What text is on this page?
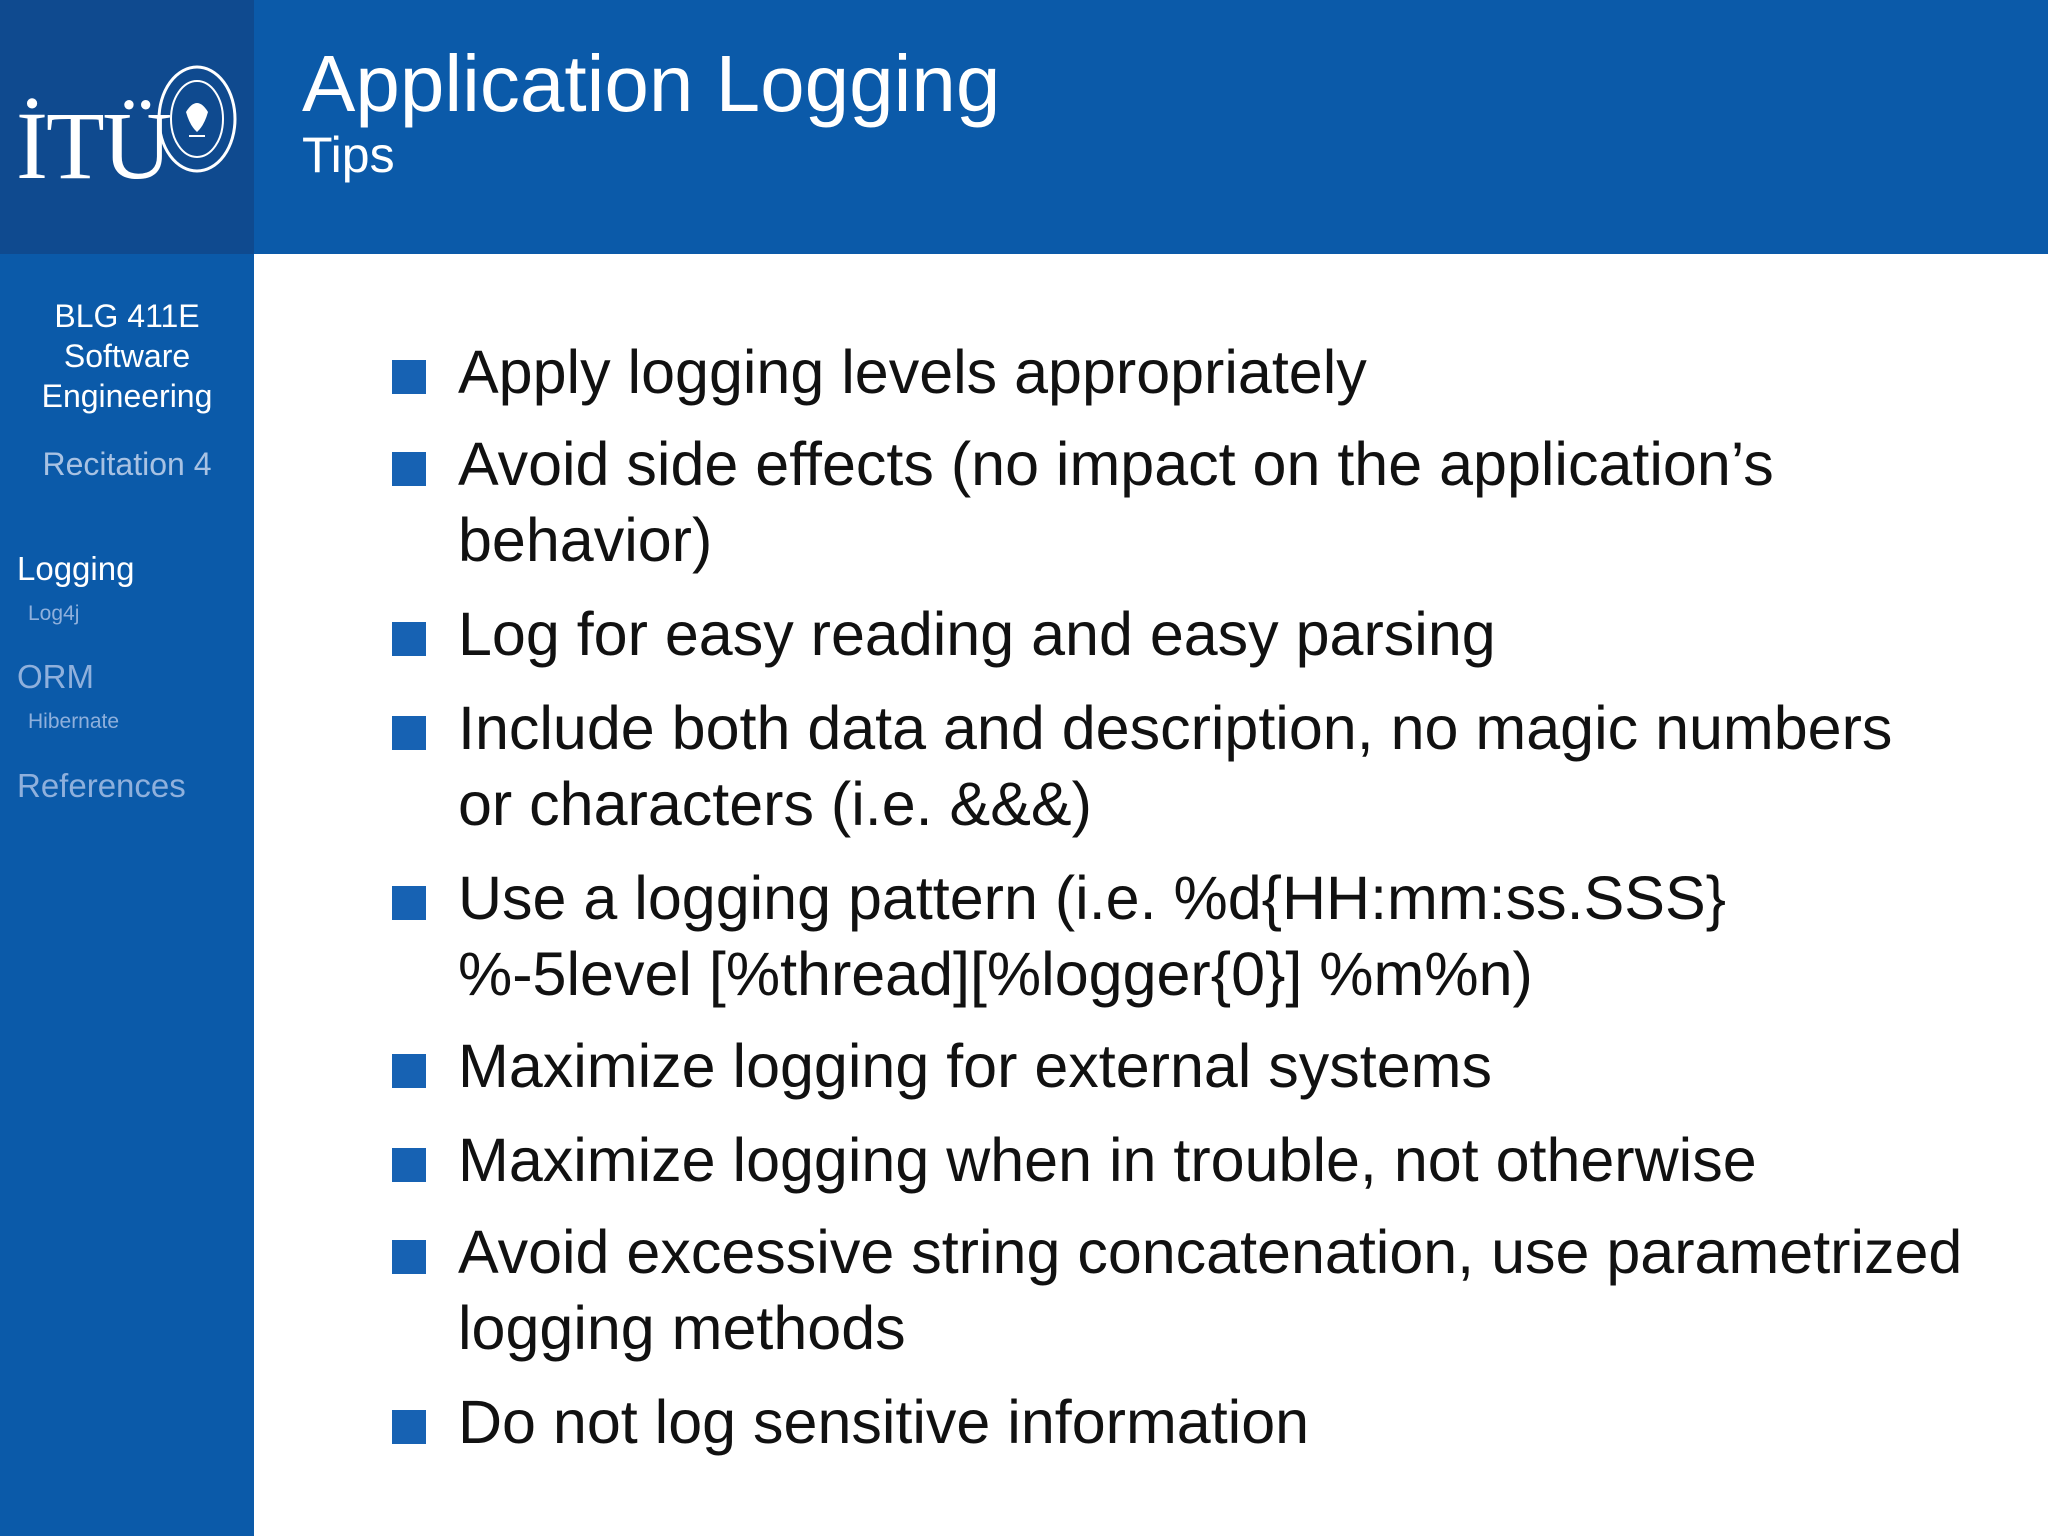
İTÜ
Application Logging
Tips
BLG 411E
Software
Engineering
Recitation 4
Logging
Log4j
ORM
Hibernate
References
Apply logging levels appropriately
Avoid side effects (no impact on the application’s
behavior)
Log for easy reading and easy parsing
Include both data and description, no magic numbers
or characters (i.e. &&&)
Use a logging pattern (i.e. %d{HH:mm:ss.SSS}
%-5level [%thread][%logger{0}] %m%n)
Maximize logging for external systems
Maximize logging when in trouble, not otherwise
Avoid excessive string concatenation, use parametrized
logging methods
Do not log sensitive information
